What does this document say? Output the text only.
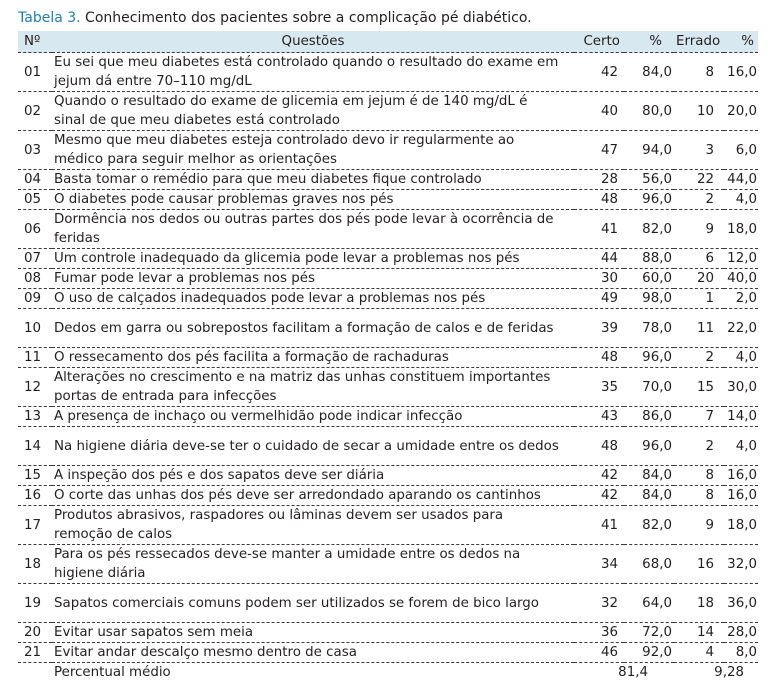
Tabela 3. Conhecimento dos pacientes sobre a complicação pé diabético.
Nº	Questões	Certo	%	Errado	%
01	Eu sei que meu diabetes está controlado quando o resultado do exame em jejum dá entre 70–110 mg/dL	42	84,0	8	16,0
02	Quando o resultado do exame de glicemia em jejum é de 140 mg/dL é sinal de que meu diabetes está controlado	40	80,0	10	20,0
03	Mesmo que meu diabetes esteja controlado devo ir regularmente ao médico para seguir melhor as orientações	47	94,0	3	6,0
04	Basta tomar o remédio para que meu diabetes fique controlado	28	56,0	22	44,0
05	O diabetes pode causar problemas graves nos pés	48	96,0	2	4,0
06	Dormência nos dedos ou outras partes dos pés pode levar à ocorrência de feridas	41	82,0	9	18,0
07	Um controle inadequado da glicemia pode levar a problemas nos pés	44	88,0	6	12,0
08	Fumar pode levar a problemas nos pés	30	60,0	20	40,0
09	O uso de calçados inadequados pode levar a problemas nos pés	49	98,0	1	2,0
10	Dedos em garra ou sobrepostos facilitam a formação de calos e de feridas	39	78,0	11	22,0
11	O ressecamento dos pés facilita a formação de rachaduras	48	96,0	2	4,0
12	Alterações no crescimento e na matriz das unhas constituem importantes portas de entrada para infecções	35	70,0	15	30,0
13	A presença de inchaço ou vermelhidão pode indicar infecção	43	86,0	7	14,0
14	Na higiene diária deve-se ter o cuidado de secar a umidade entre os dedos	48	96,0	2	4,0
15	A inspeção dos pés e dos sapatos deve ser diária	42	84,0	8	16,0
16	O corte das unhas dos pés deve ser arredondado aparando os cantinhos	42	84,0	8	16,0
17	Produtos abrasivos, raspadores ou lâminas devem ser usados para remoção de calos	41	82,0	9	18,0
18	Para os pés ressecados deve-se manter a umidade entre os dedos na higiene diária	34	68,0	16	32,0
19	Sapatos comerciais comuns podem ser utilizados se forem de bico largo	32	64,0	18	36,0
20	Evitar usar sapatos sem meia	36	72,0	14	28,0
21	Evitar andar descalço mesmo dentro de casa	46	92,0	4	8,0
	Percentual médio	81,4		9,28	
